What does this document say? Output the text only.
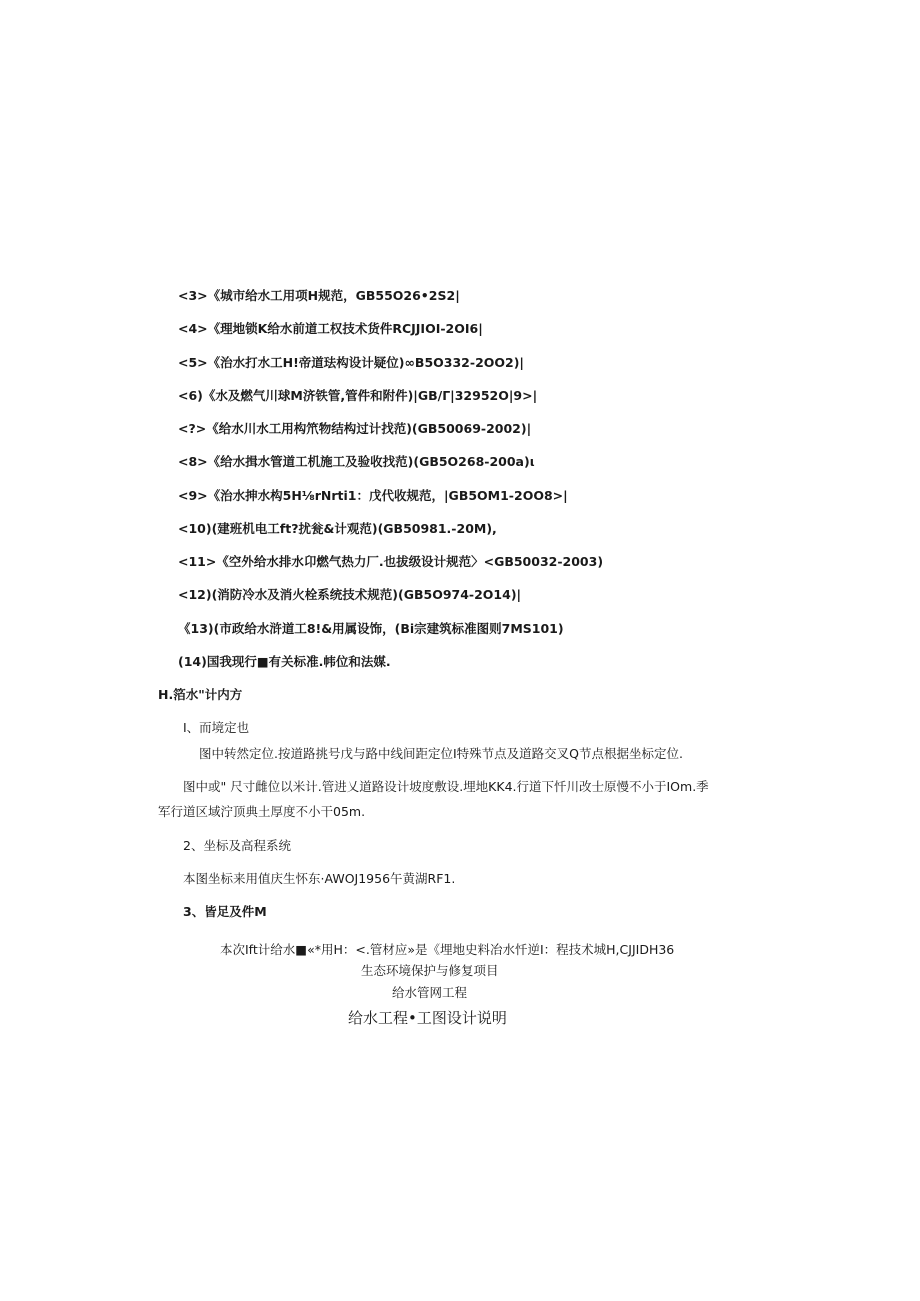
<3>《城市给水工用项H规范，GB55O26•2S2|
<4>《理地锁K给水前道工权技术货件RCJJIOI-2OI6|
<5>《治水打水工H!帝道珐构设计疑位)∞B5O332-2OO2)|
<6)《水及燃气川球M济铁管,管件和附件)|GB/Γ|32952O|9>|
<?>《给水川水工用构笊物结构过计找范)(GB50069-2002)|
<8>《给水揖水管道工机施工及验收找范)(GB5O268-200a)ι
<9>《治水抻水构5H⅛rNrti1：戊代收规范，|GB5OM1-2OO8>|
<10)(建班机电工ft?扰瓮&计观范)(GB50981.-20M),
<11>《空外给水排水卬燃气热力厂.也拔级设计规范〉<GB50032-2003)
<12)(消防冷水及消火栓系统技术规范)(GB5O974-2O14)|
《13)(市政给水浒道工8!&用属设饰，(Bi宗建筑标准图则7MS101)
(14)国我现行■有关标准.帏位和法媒.
H.箔水"计内方
I、而境定也
图中转然定位.按道路挑号戊与路中线间距定位I特殊节点及道路交叉Q节点根据坐标定位.
图中或" 尺寸雌位以米计.管进乂道路设计坡度敷设.埋地KK4.行道下忏川改士原慢不小于IOm.季
军行道区域泞顶典土厚度不小干05m.
2、坐标及高程系统
本图坐标来用值庆生怀东·AWOJ1956午黄湖RF1.
3、皆足及件M
本次Ift计给水■«*用H：<.管材应»是《埋地史料冶水忏逆I：程技术城H,CJJIDH36
生态环境保护与修复项目
给水管网工程
给水工程•工图设计说明
